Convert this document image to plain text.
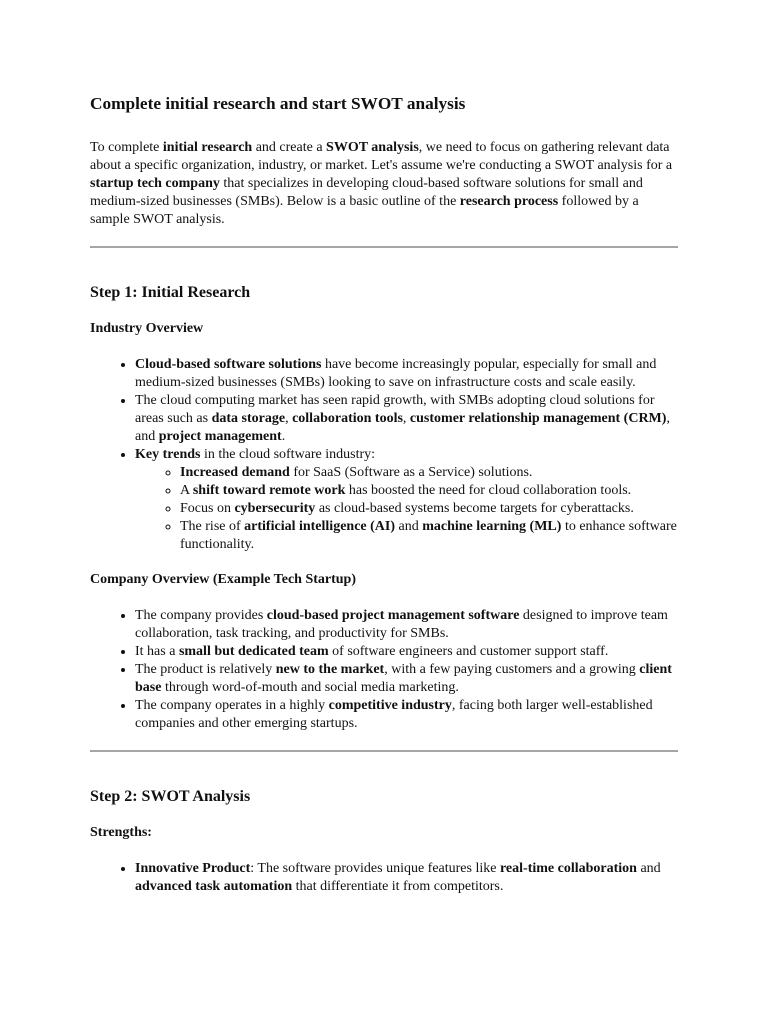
Complete initial research and start SWOT analysis

To complete initial research and create a SWOT analysis, we need to focus on gathering relevant data about a specific organization, industry, or market. Let's assume we're conducting a SWOT analysis for a startup tech company that specializes in developing cloud-based software solutions for small and medium-sized businesses (SMBs). Below is a basic outline of the research process followed by a sample SWOT analysis.

Step 1: Initial Research
Industry Overview
• Cloud-based software solutions have become increasingly popular, especially for small and medium-sized businesses (SMBs) looking to save on infrastructure costs and scale easily.
• The cloud computing market has seen rapid growth, with SMBs adopting cloud solutions for areas such as data storage, collaboration tools, customer relationship management (CRM), and project management.
• Key trends in the cloud software industry:
◦ Increased demand for SaaS (Software as a Service) solutions.
◦ A shift toward remote work has boosted the need for cloud collaboration tools.
◦ Focus on cybersecurity as cloud-based systems become targets for cyberattacks.
◦ The rise of artificial intelligence (AI) and machine learning (ML) to enhance software functionality.
Company Overview (Example Tech Startup)
• The company provides cloud-based project management software designed to improve team collaboration, task tracking, and productivity for SMBs.
• It has a small but dedicated team of software engineers and customer support staff.
• The product is relatively new to the market, with a few paying customers and a growing client base through word-of-mouth and social media marketing.
• The company operates in a highly competitive industry, facing both larger well-established companies and other emerging startups.
Step 2: SWOT Analysis
Strengths:
• Innovative Product: The software provides unique features like real-time collaboration and advanced task automation that differentiate it from competitors.
